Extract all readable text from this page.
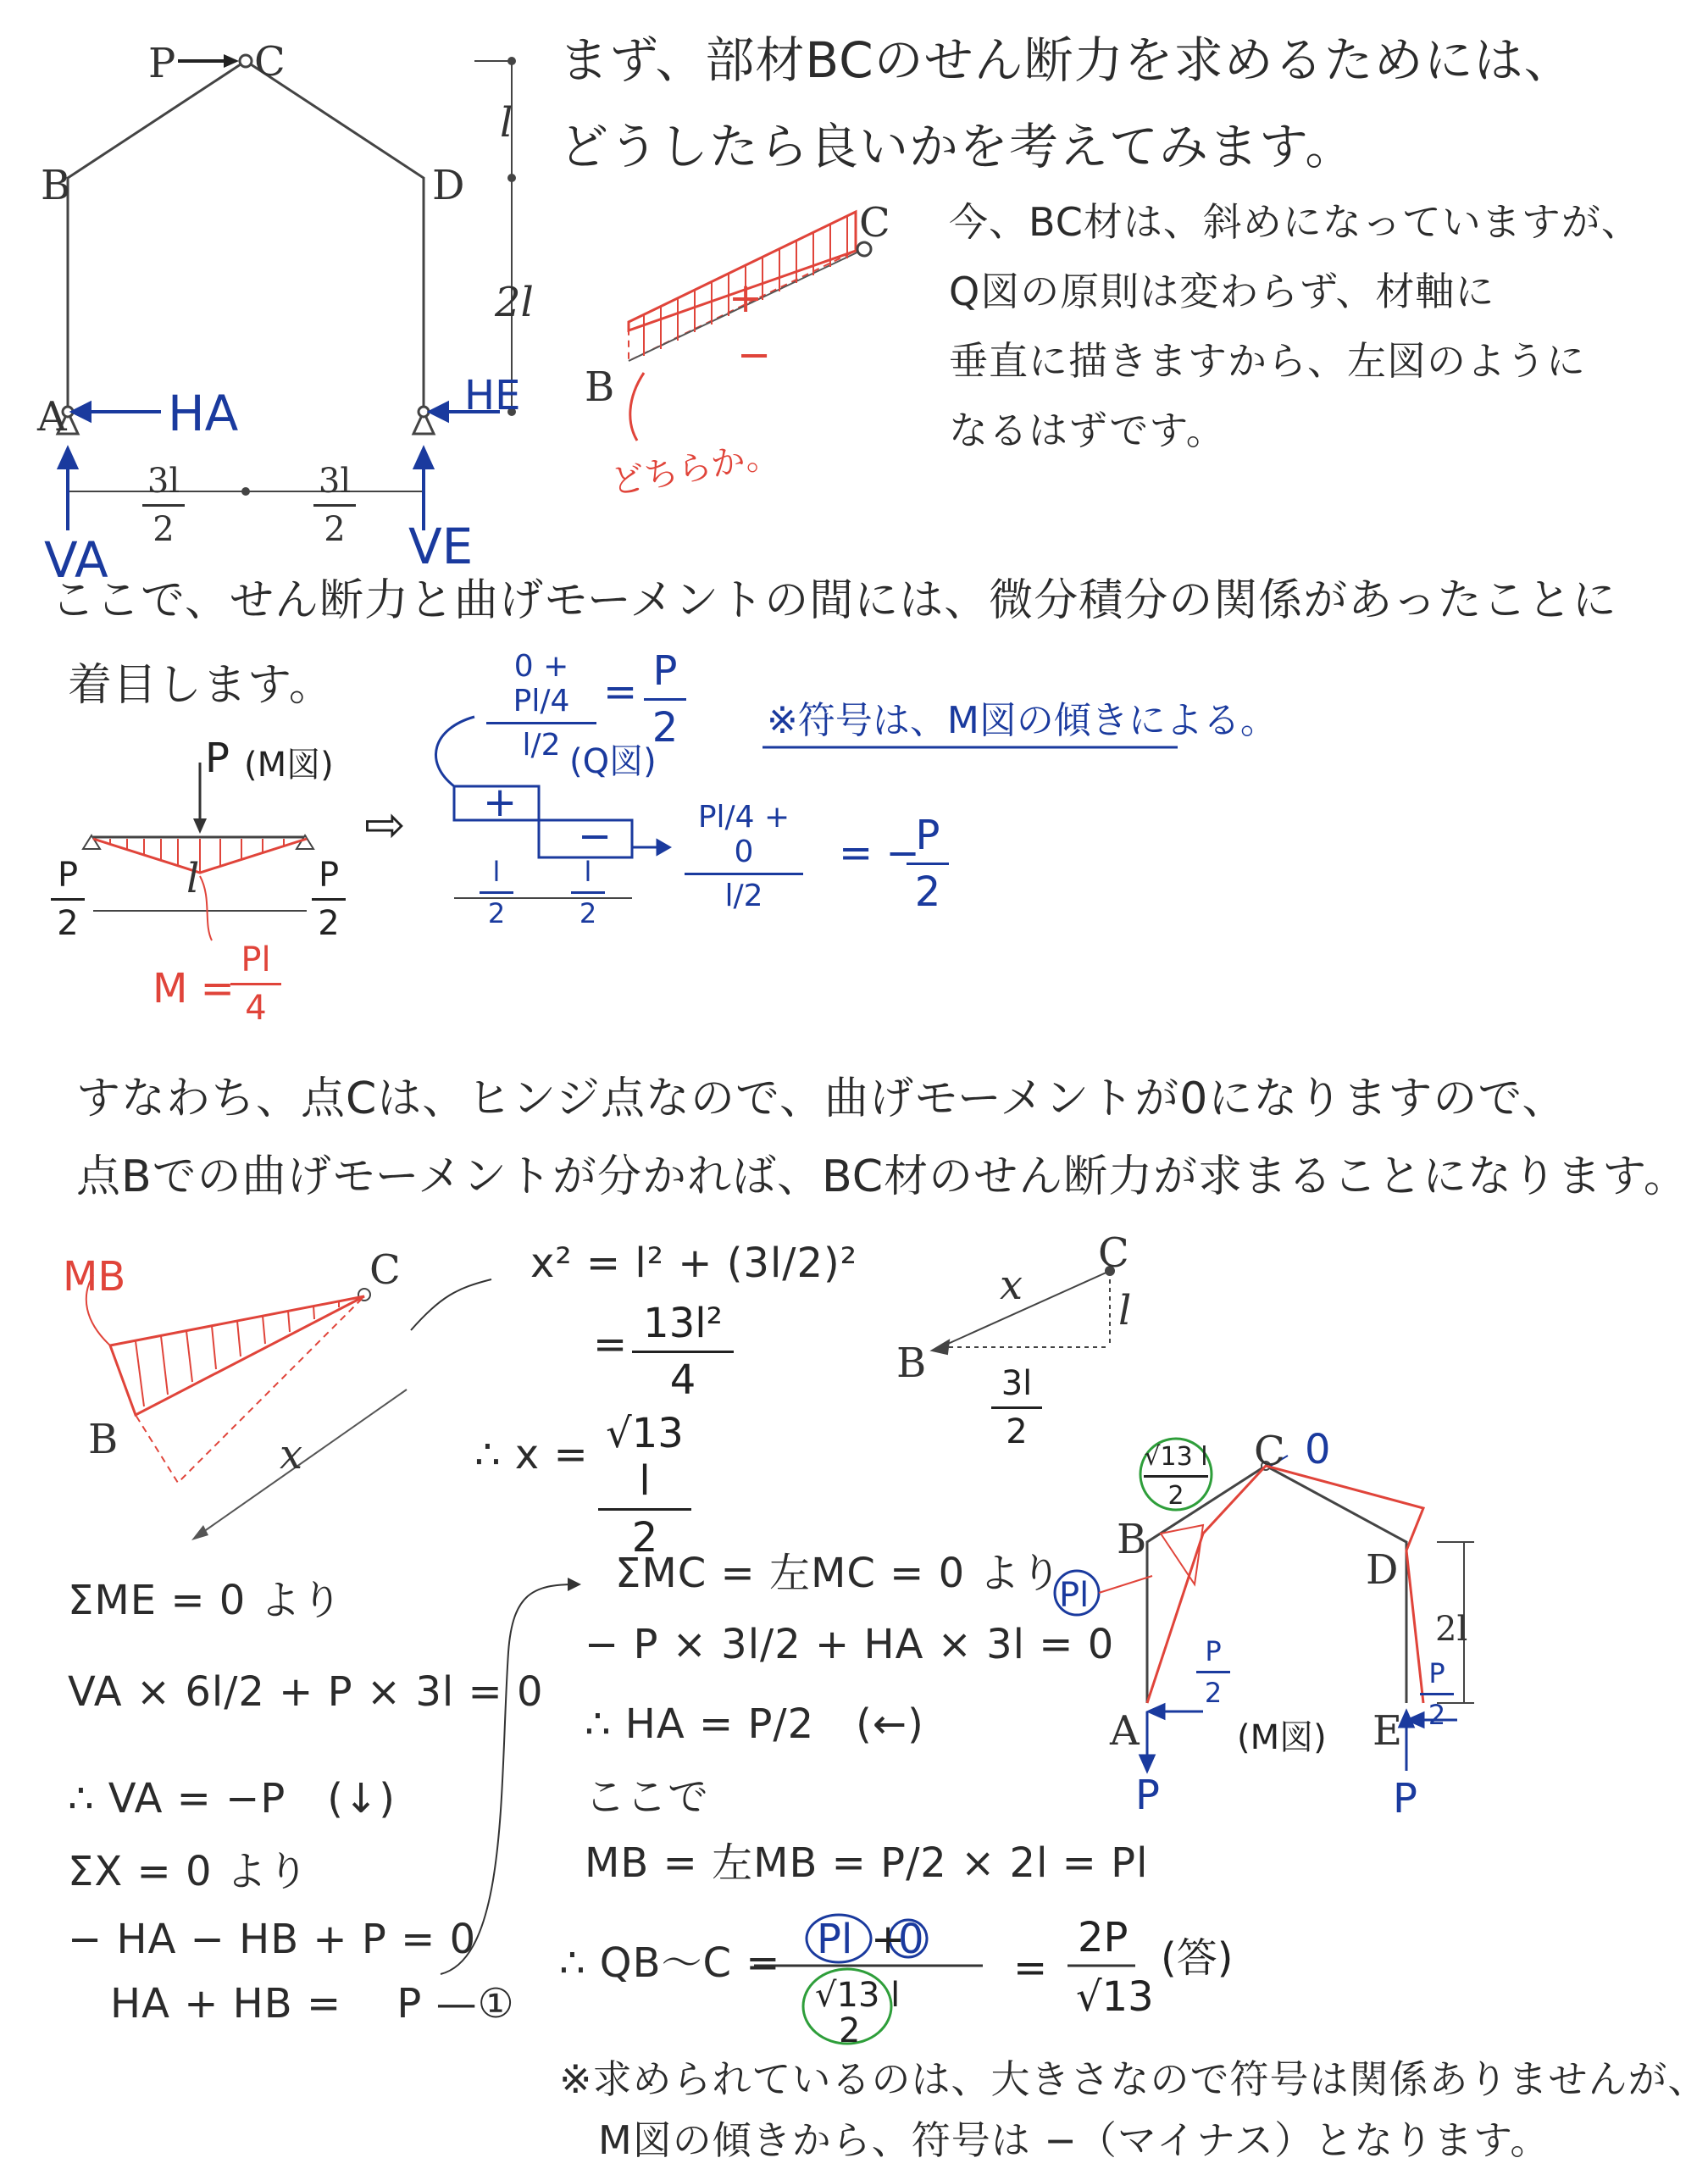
P C
B	D
A
l
2l
3l
2
3l
2
HA	HE
VA	VE
まず、部材BCのせん断力を求めるためには、
どうしたら良いかを考えてみます。
C
B
+
−
どちらか。
今、BC材は、斜めになっていますが、
Q図の原則は変わらず、材軸に
垂直に描きますから、左図のように
なるはずです。
ここで、せん断力と曲げモーメントの間には、微分積分の関係があったことに
着目します。
P (M図)
l
P
2
P
2
M =
Pl
4
⇨ +
−
l
2
l
2
(Q図)
0 + Pl/4
l/2
= P
2
Pl/4 + 0
l/2
= −
P
2
※符号は、M図の傾きによる。
すなわち、点Cは、ヒンジ点なので、曲げモーメントが0になりますので、
点Bでの曲げモーメントが分かれば、BC材のせん断力が求まることになります。
MB	C
B	x
x² = l² + (3l/2)²
= 13l²
4
∴ x = √13 l
2
x
l
C
B 3l
2
ΣME = 0 より
VA × 6l/2 + P × 3l = 0
∴ VA = −P　(↓)
ΣX = 0 より
− HA − HB + P = 0
HA + HB = 　P —①
ΣMC = 左MC = 0 より
− P × 3l/2 + HA × 3l = 0
∴ HA = P/2　(←)
ここで
MB = 左MB = P/2 × 2l = Pl
∴ QB〜C = Pl +
0
√13 l
2
=
2P
√13
(答)
C 0
B
D
A	E
Pl
√13 l
2
2l
P
2
P
2
P	P
(M図)
※求められているのは、大きさなので符号は関係ありませんが、
M図の傾きから、符号は −（マイナス）となります。
